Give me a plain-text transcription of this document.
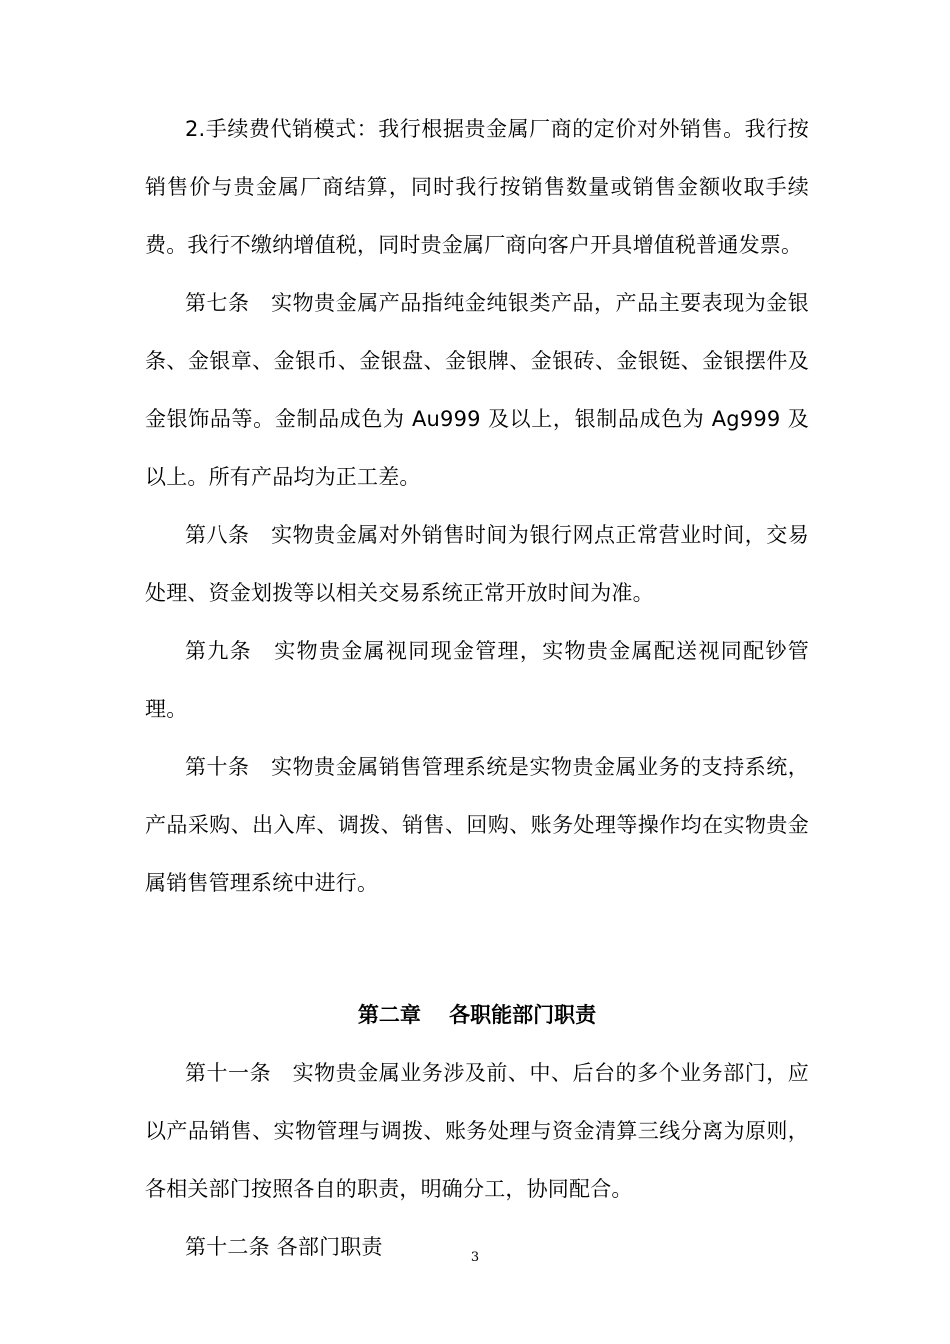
2.手续费代销模式：我行根据贵金属厂商的定价对外销售。我行按销售价与贵金属厂商结算，同时我行按销售数量或销售金额收取手续费。我行不缴纳增值税，同时贵金属厂商向客户开具增值税普通发票。

第七条　实物贵金属产品指纯金纯银类产品，产品主要表现为金银条、金银章、金银币、金银盘、金银牌、金银砖、金银铤、金银摆件及金银饰品等。金制品成色为 Au999 及以上，银制品成色为 Ag999 及以上。所有产品均为正工差。

第八条　实物贵金属对外销售时间为银行网点正常营业时间，交易处理、资金划拨等以相关交易系统正常开放时间为准。

第九条　实物贵金属视同现金管理，实物贵金属配送视同配钞管理。

第十条　实物贵金属销售管理系统是实物贵金属业务的支持系统，产品采购、出入库、调拨、销售、回购、账务处理等操作均在实物贵金属销售管理系统中进行。

第二章　 各职能部门职责

第十一条　实物贵金属业务涉及前、中、后台的多个业务部门，应以产品销售、实物管理与调拨、账务处理与资金清算三线分离为原则，各相关部门按照各自的职责，明确分工，协同配合。

第十二条 各部门职责	3
